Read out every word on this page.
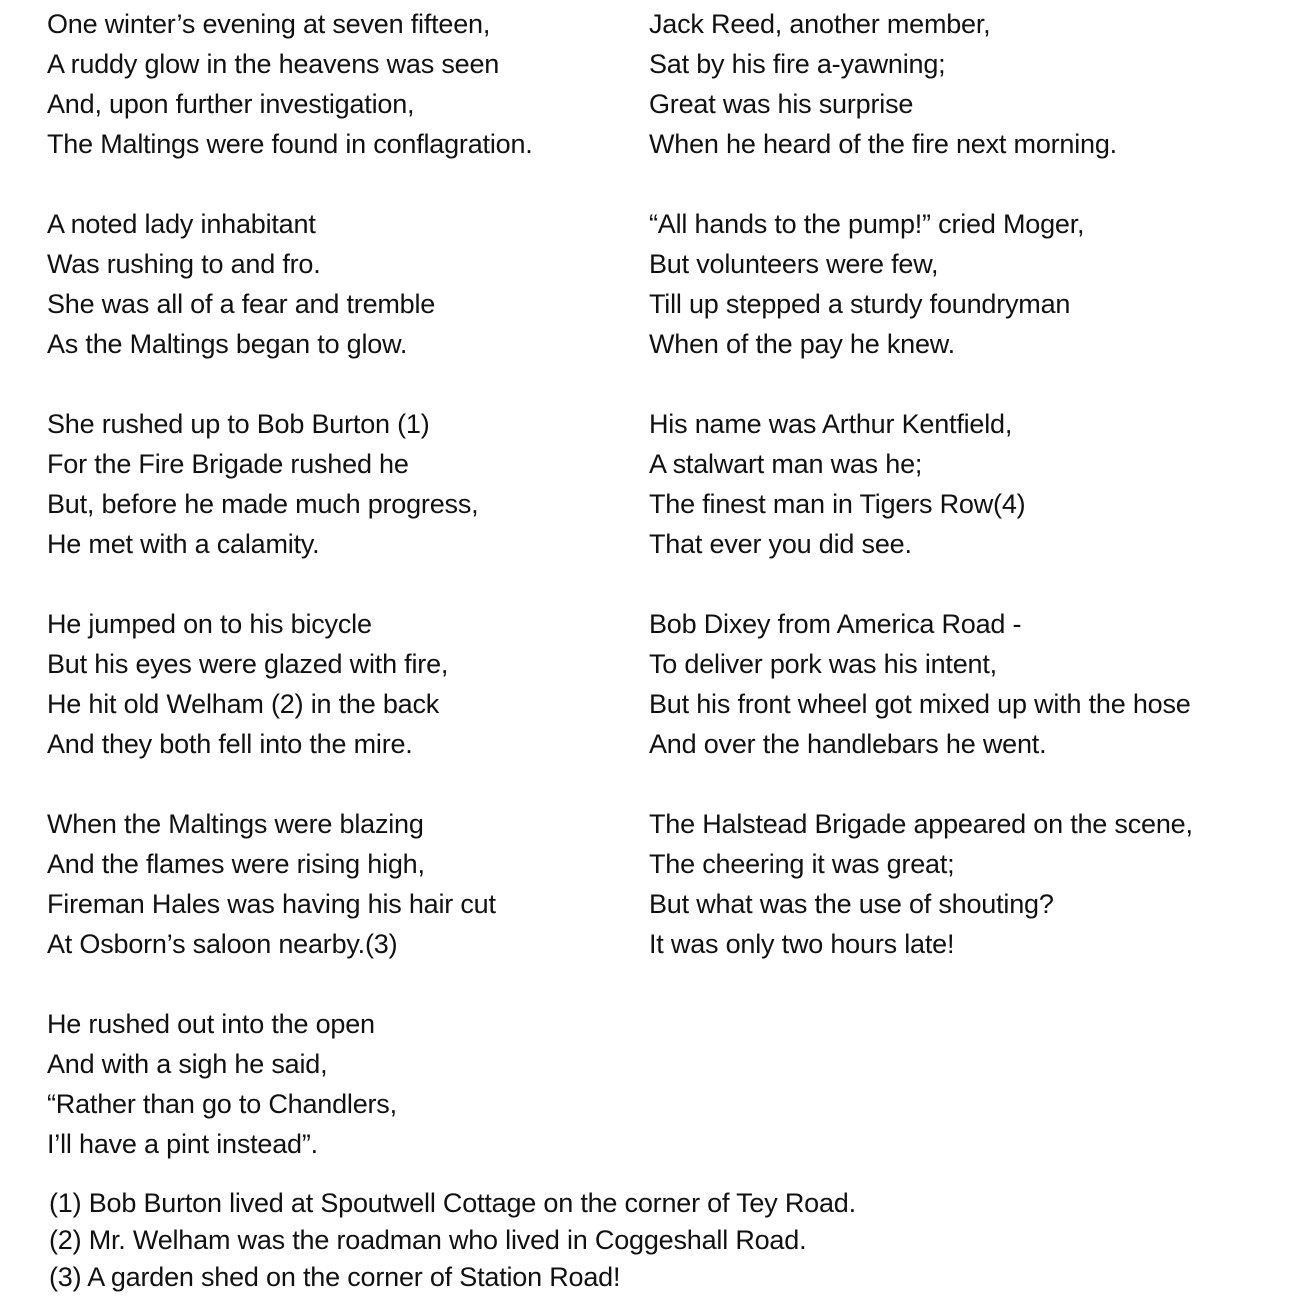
One winter’s evening at seven fifteen,
A ruddy glow in the heavens was seen
And, upon further investigation,
The Maltings were found in conflagration.
A noted lady inhabitant
Was rushing to and fro.
She was all of a fear and tremble
As the Maltings began to glow.
She rushed up to Bob Burton (1)
For the Fire Brigade rushed he
But, before he made much progress,
He met with a calamity.
He jumped on to his bicycle
But his eyes were glazed with fire,
He hit old Welham (2) in the back
And they both fell into the mire.
When the Maltings were blazing
And the flames were rising high,
Fireman Hales was having his hair cut
At Osborn’s saloon nearby.(3)
He rushed out into the open
And with a sigh he said,
“Rather than go to Chandlers,
I’ll have a pint instead”.
Jack Reed, another member,
Sat by his fire a-yawning;
Great was his surprise
When he heard of the fire next morning.
“All hands to the pump!” cried Moger,
But volunteers were few,
Till up stepped a sturdy foundryman
When of the pay he knew.
His name was Arthur Kentfield,
A stalwart man was he;
The finest man in Tigers Row(4)
That ever you did see.
Bob Dixey from America Road -
To deliver pork was his intent,
But his front wheel got mixed up with the hose
And over the handlebars he went.
The Halstead Brigade appeared on the scene,
The cheering it was great;
But what was the use of shouting?
It was only two hours late!
(1) Bob Burton lived at Spoutwell Cottage on the corner of Tey Road.
(2) Mr. Welham was the roadman who lived in Coggeshall Road.
(3) A garden shed on the corner of Station Road!
